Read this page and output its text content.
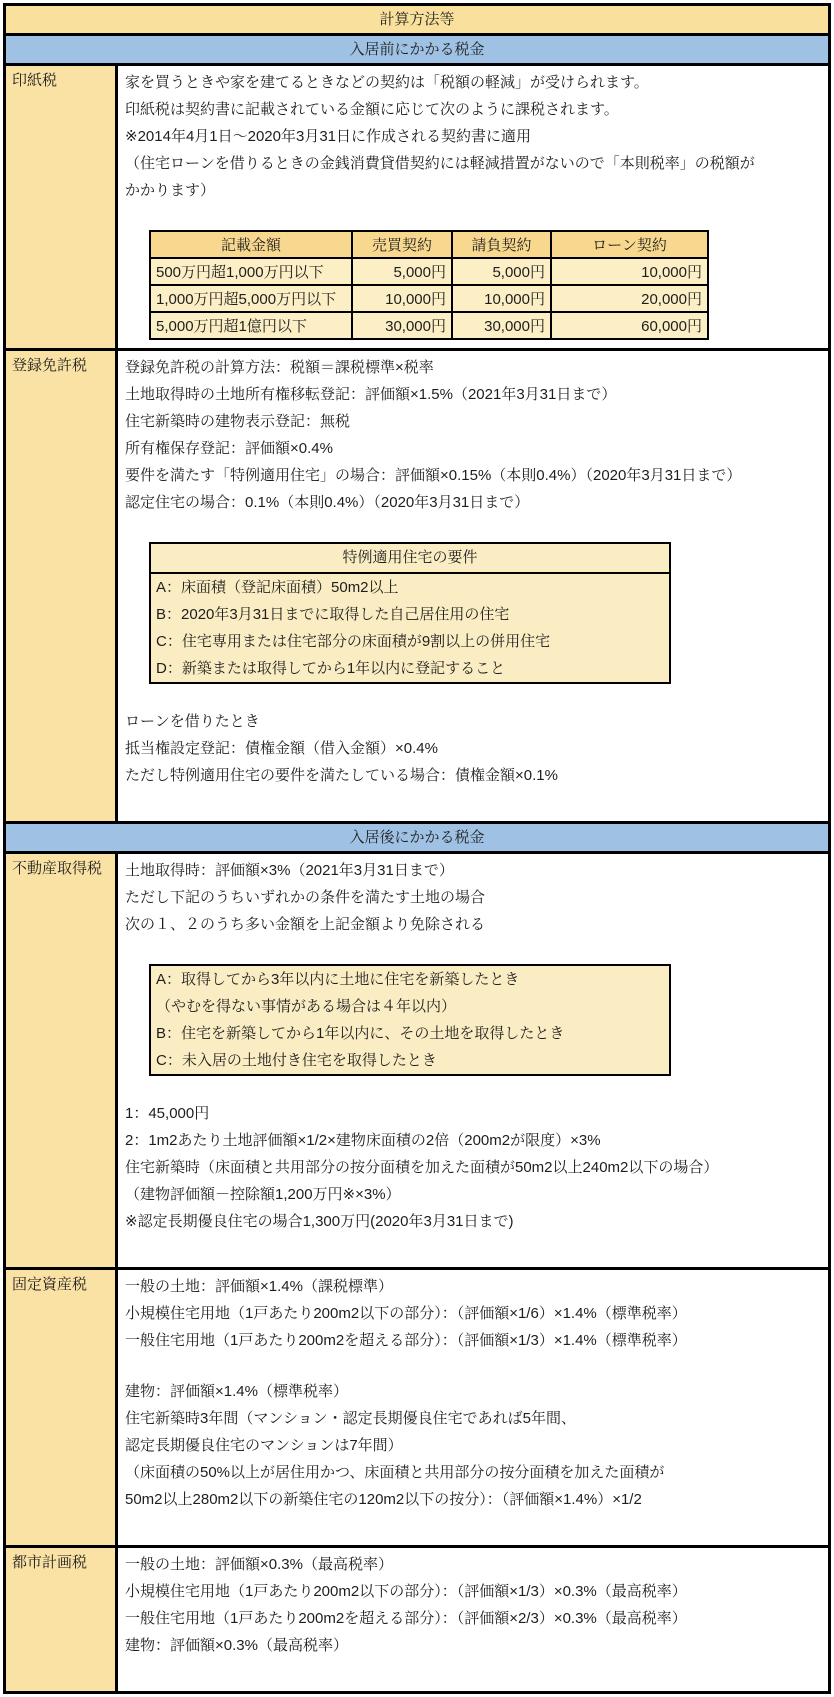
計算方法等
入居前にかかる税金
印紙税	家を買うときや家を建てるときなどの契約は「税額の軽減」が受けられます。
印紙税は契約書に記載されている金額に応じて次のように課税されます。
※2014年4月1日～2020年3月31日に作成される契約書に適用
（住宅ローンを借りるときの金銭消費貸借契約には軽減措置がないので「本則税率」の税額が
かかります）
記載金額	売買契約	請負契約	ローン契約
500万円超1,000万円以下	5,000円	5,000円	10,000円
1,000万円超5,000万円以下	10,000円	10,000円	20,000円
5,000万円超1億円以下	30,000円	30,000円	60,000円
登録免許税	登録免許税の計算方法：税額＝課税標準×税率
土地取得時の土地所有権移転登記：評価額×1.5%（2021年3月31日まで）
住宅新築時の建物表示登記：無税
所有権保存登記：評価額×0.4%
要件を満たす「特例適用住宅」の場合：評価額×0.15%（本則0.4%）（2020年3月31日まで）
認定住宅の場合：0.1%（本則0.4%）（2020年3月31日まで）
特例適用住宅の要件
A：床面積（登記床面積）50m2以上
B：2020年3月31日までに取得した自己居住用の住宅
C：住宅専用または住宅部分の床面積が9割以上の併用住宅
D：新築または取得してから1年以内に登記すること
ローンを借りたとき
抵当権設定登記：債権金額（借入金額）×0.4%
ただし特例適用住宅の要件を満たしている場合：債権金額×0.1%
入居後にかかる税金
不動産取得税	土地取得時：評価額×3%（2021年3月31日まで）
ただし下記のうちいずれかの条件を満たす土地の場合
次の１、２のうち多い金額を上記金額より免除される
A：取得してから3年以内に土地に住宅を新築したとき
（やむを得ない事情がある場合は４年以内）
B：住宅を新築してから1年以内に、その土地を取得したとき
C：未入居の土地付き住宅を取得したとき
1：45,000円
2：1m2あたり土地評価額×1/2×建物床面積の2倍（200m2が限度）×3%
住宅新築時（床面積と共用部分の按分面積を加えた面積が50m2以上240m2以下の場合）
（建物評価額－控除額1,200万円※×3%）
※認定長期優良住宅の場合1,300万円(2020年3月31日まで)
固定資産税	一般の土地：評価額×1.4%（課税標準）
小規模住宅用地（1戸あたり200m2以下の部分）：（評価額×1/6）×1.4%（標準税率）
一般住宅用地（1戸あたり200m2を超える部分）：（評価額×1/3）×1.4%（標準税率）
建物：評価額×1.4%（標準税率）
住宅新築時3年間（マンション・認定長期優良住宅であれば5年間、
認定長期優良住宅のマンションは7年間）
（床面積の50%以上が居住用かつ、床面積と共用部分の按分面積を加えた面積が
50m2以上280m2以下の新築住宅の120m2以下の按分）：（評価額×1.4%）×1/2
都市計画税	一般の土地：評価額×0.3%（最高税率）
小規模住宅用地（1戸あたり200m2以下の部分）：（評価額×1/3）×0.3%（最高税率）
一般住宅用地（1戸あたり200m2を超える部分）：（評価額×2/3）×0.3%（最高税率）
建物：評価額×0.3%（最高税率）
